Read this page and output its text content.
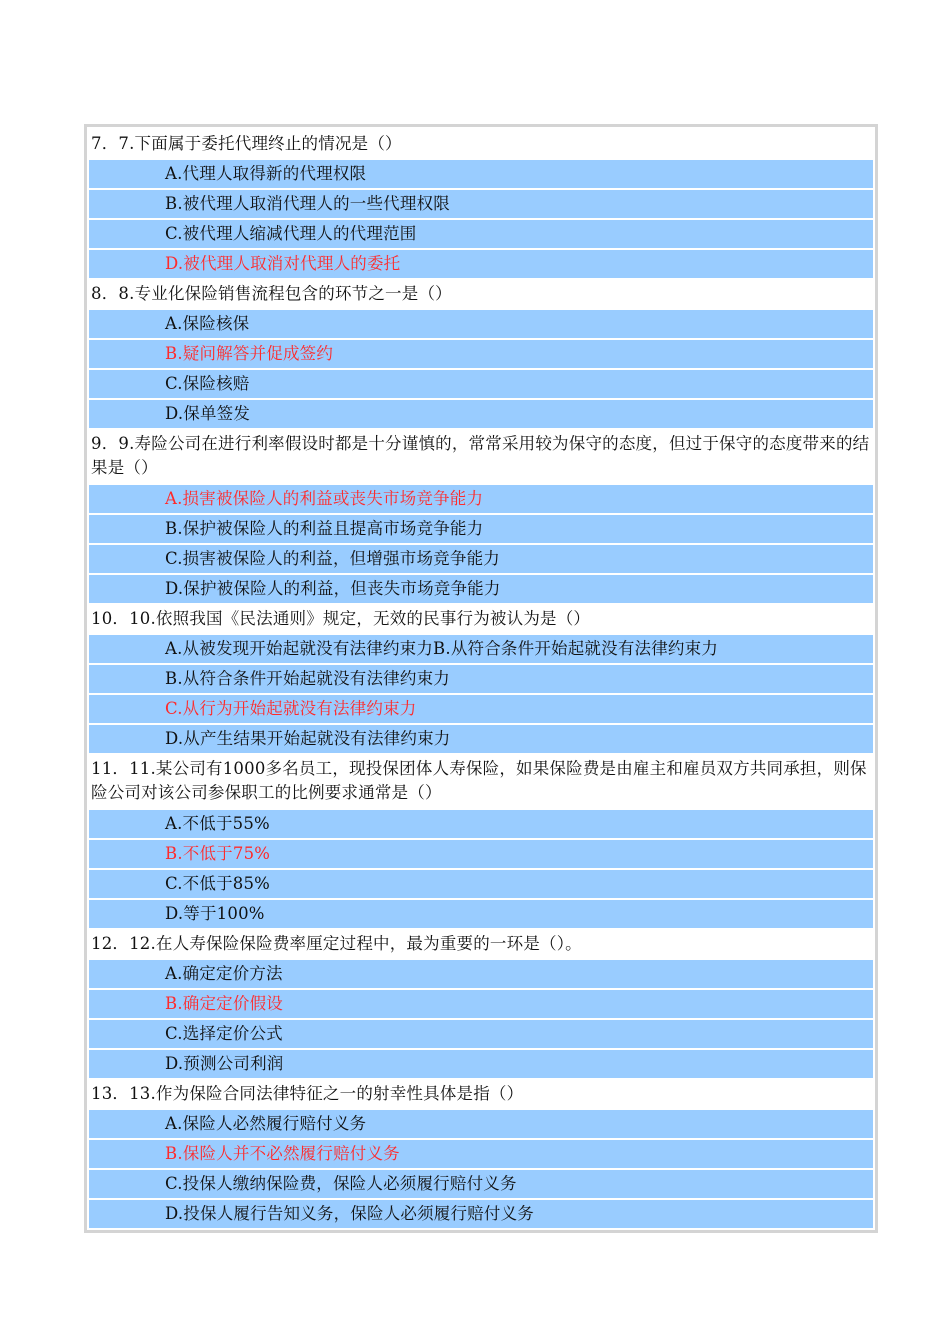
7．7.下面属于委托代理终止的情况是（）
A.代理人取得新的代理权限
B.被代理人取消代理人的一些代理权限
C.被代理人缩减代理人的代理范围
D.被代理人取消对代理人的委托
8．8.专业化保险销售流程包含的环节之一是（）
A.保险核保
B.疑问解答并促成签约
C.保险核赔
D.保单签发
9．9.寿险公司在进行利率假设时都是十分谨慎的，常常采用较为保守的态度，但过于保守的态度带来的结果是（）
A.损害被保险人的利益或丧失市场竞争能力
B.保护被保险人的利益且提高市场竞争能力
C.损害被保险人的利益，但增强市场竞争能力
D.保护被保险人的利益，但丧失市场竞争能力
10．10.依照我国《民法通则》规定，无效的民事行为被认为是（）
A.从被发现开始起就没有法律约束力B.从符合条件开始起就没有法律约束力
B.从符合条件开始起就没有法律约束力
C.从行为开始起就没有法律约束力
D.从产生结果开始起就没有法律约束力
11．11.某公司有1000多名员工，现投保团体人寿保险，如果保险费是由雇主和雇员双方共同承担，则保险公司对该公司参保职工的比例要求通常是（）
A.不低于55%
B.不低于75%
C.不低于85%
D.等于100%
12．12.在人寿保险保险费率厘定过程中，最为重要的一环是（）。
A.确定定价方法
B.确定定价假设
C.选择定价公式
D.预测公司利润
13．13.作为保险合同法律特征之一的射幸性具体是指（）
A.保险人必然履行赔付义务
B.保险人并不必然履行赔付义务
C.投保人缴纳保险费，保险人必须履行赔付义务
D.投保人履行告知义务，保险人必须履行赔付义务
